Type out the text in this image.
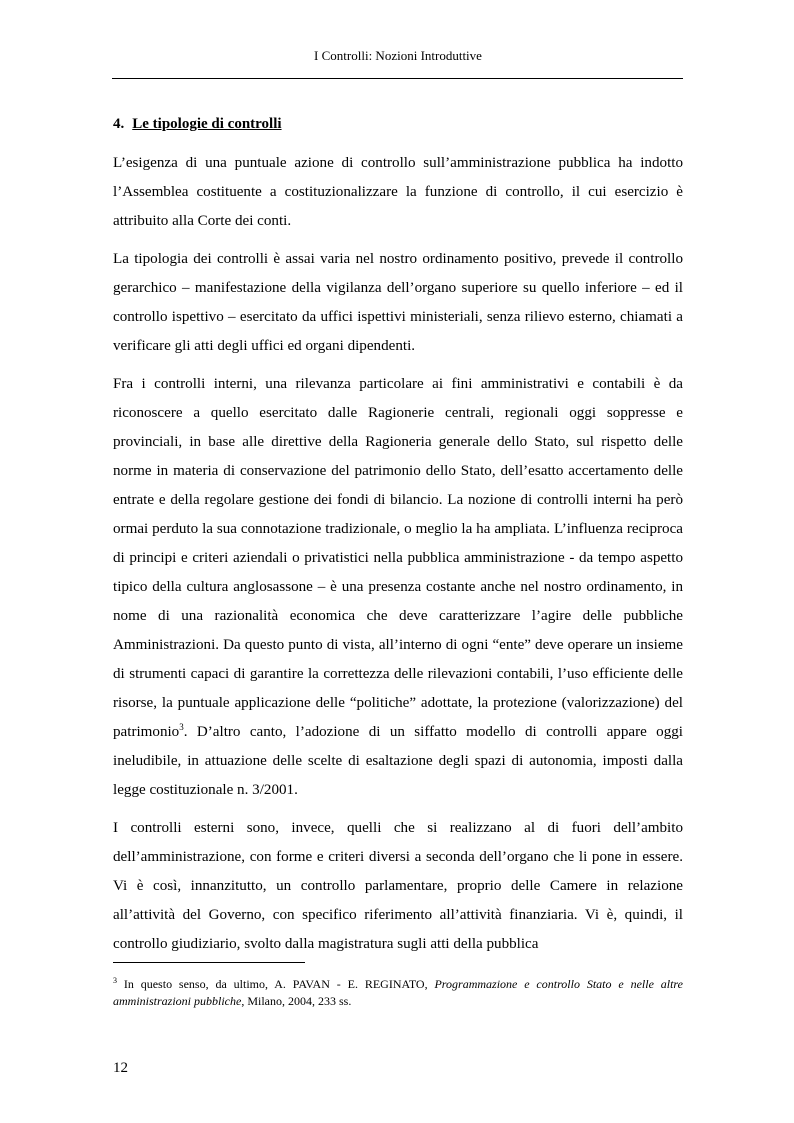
I Controlli: Nozioni Introduttive
4. Le tipologie di controlli

L’esigenza di una puntuale azione di controllo sull’amministrazione pubblica ha indotto l’Assemblea costituente a costituzionalizzare la funzione di controllo, il cui esercizio è attribuito alla Corte dei conti.

La tipologia dei controlli è assai varia nel nostro ordinamento positivo, prevede il controllo gerarchico – manifestazione della vigilanza dell’organo superiore su quello inferiore – ed il controllo ispettivo – esercitato da uffici ispettivi ministeriali, senza rilievo esterno, chiamati a verificare gli atti degli uffici ed organi dipendenti.

Fra i controlli interni, una rilevanza particolare ai fini amministrativi e contabili è da riconoscere a quello esercitato dalle Ragionerie centrali, regionali oggi soppresse e provinciali, in base alle direttive della Ragioneria generale dello Stato, sul rispetto delle norme in materia di conservazione del patrimonio dello Stato, dell’esatto accertamento delle entrate e della regolare gestione dei fondi di bilancio. La nozione di controlli interni ha però ormai perduto la sua connotazione tradizionale, o meglio la ha ampliata. L’influenza reciproca di principi e criteri aziendali o privatistici nella pubblica amministrazione - da tempo aspetto tipico della cultura anglosassone – è una presenza costante anche nel nostro ordinamento, in nome di una razionalità economica che deve caratterizzare l’agire delle pubbliche Amministrazioni. Da questo punto di vista, all’interno di ogni “ente” deve operare un insieme di strumenti capaci di garantire la correttezza delle rilevazioni contabili, l’uso efficiente delle risorse, la puntuale applicazione delle “politiche” adottate, la protezione (valorizzazione) del patrimonio$^3$. D’altro canto, l’adozione di un siffatto modello di controlli appare oggi ineludibile, in attuazione delle scelte di esaltazione degli spazi di autonomia, imposti dalla legge costituzionale n. 3/2001.

I controlli esterni sono, invece, quelli che si realizzano al di fuori dell’ambito dell’amministrazione, con forme e criteri diversi a seconda dell’organo che li pone in essere. Vi è così, innanzitutto, un controllo parlamentare, proprio delle Camere in relazione all’attività del Governo, con specifico riferimento all’attività finanziaria. Vi è, quindi, il controllo giudiziario, svolto dalla magistratura sugli atti della pubblica

$^3$ In questo senso, da ultimo, A. PAVAN - E. REGINATO, Programmazione e controllo Stato e nelle altre amministrazioni pubbliche, Milano, 2004, 233 ss.
12
